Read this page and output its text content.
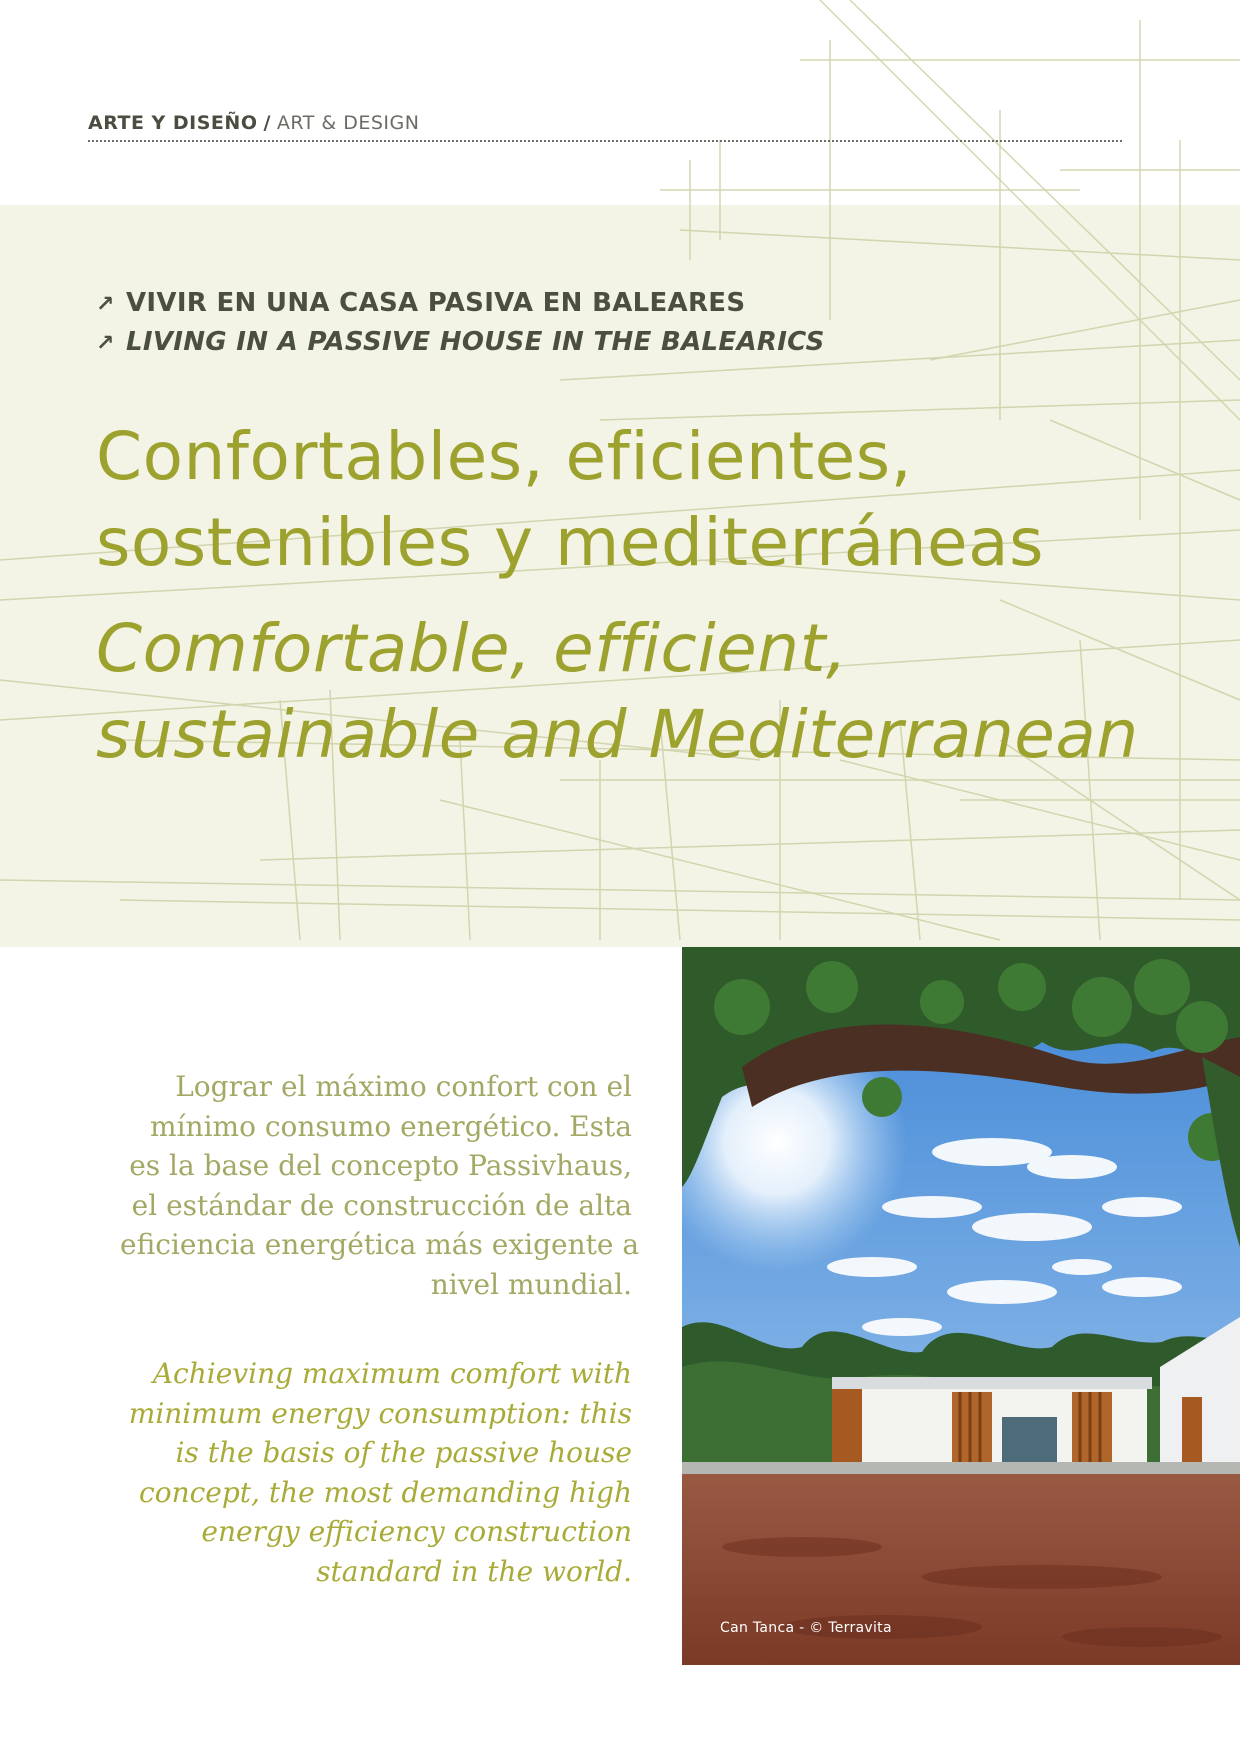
ARTE Y DISEÑO / ART & DESIGN
↗ VIVIR EN UNA CASA PASIVA EN BALEARES
↗ LIVING IN A PASSIVE HOUSE IN THE BALEARICS
Confortables, eficientes,
sostenibles y mediterráneas
Comfortable, efficient,
sustainable and Mediterranean

Lograr el máximo confort con el
mínimo consumo energético. Esta
es la base del concepto Passivhaus,
el estándar de construcción de alta
eficiencia energética más exigente a
nivel mundial.

Achieving maximum comfort with
minimum energy consumption: this
is the basis of the passive house
concept, the most demanding high
energy efficiency construction
standard in the world.

Can Tanca - © Terravita
